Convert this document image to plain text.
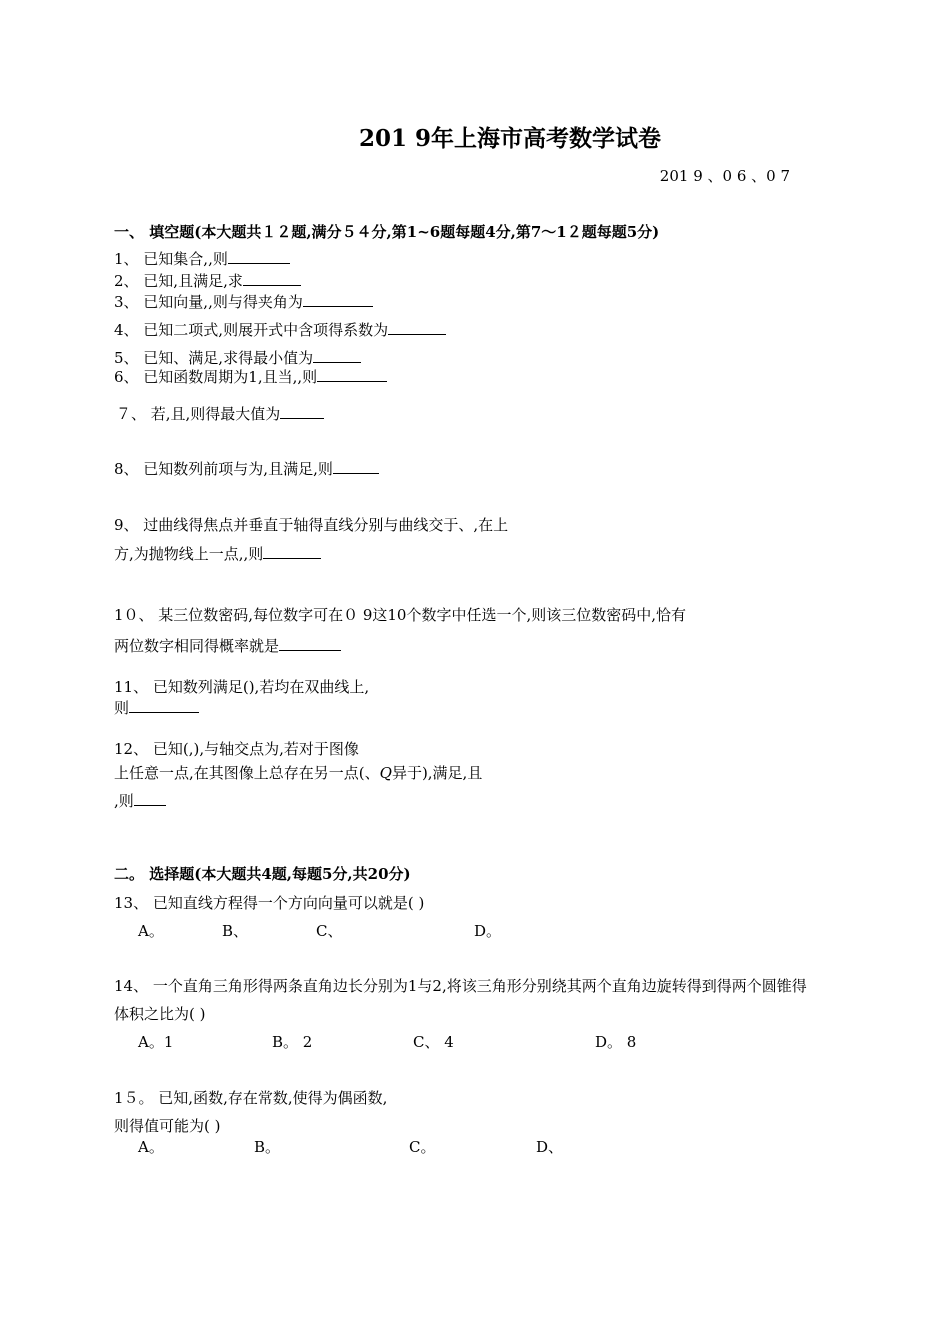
201 9年上海市高考数学试卷
201 9 、0 6 、0 7
一、 填空题(本大题共１２题,满分５４分,第1~6题每题4分,第7～1２题每题5分)
1、 已知集合,,则
2、 已知,且满足,求
3、 已知向量,,则与得夹角为
4、 已知二项式,则展开式中含项得系数为
5、 已知、满足,求得最小值为
6、 已知函数周期为1,且当,,则
７、 若,且,则得最大值为
8、 已知数列前项与为,且满足,则
9、 过曲线得焦点并垂直于轴得直线分别与曲线交于、,在上
方,为抛物线上一点,,则
1０、 某三位数密码,每位数字可在０ 9这10个数字中任选一个,则该三位数密码中,恰有
两位数字相同得概率就是
11、 已知数列满足(),若均在双曲线上,
则
12、 已知(,),与轴交点为,若对于图像
上任意一点,在其图像上总存在另一点(、Q异于),满足,且
,则
二。 选择题(本大题共4题,每题5分,共20分)
13、 已知直线方程得一个方向向量可以就是( )
A。	B、	C、	D。
14、 一个直角三角形得两条直角边长分别为1与2,将该三角形分别绕其两个直角边旋转得到得两个圆锥得
体积之比为( )
A。1	B。 2	C、 4	D。 8
1５。 已知,函数,存在常数,使得为偶函数,
则得值可能为( )
A。	B。	C。	D、
